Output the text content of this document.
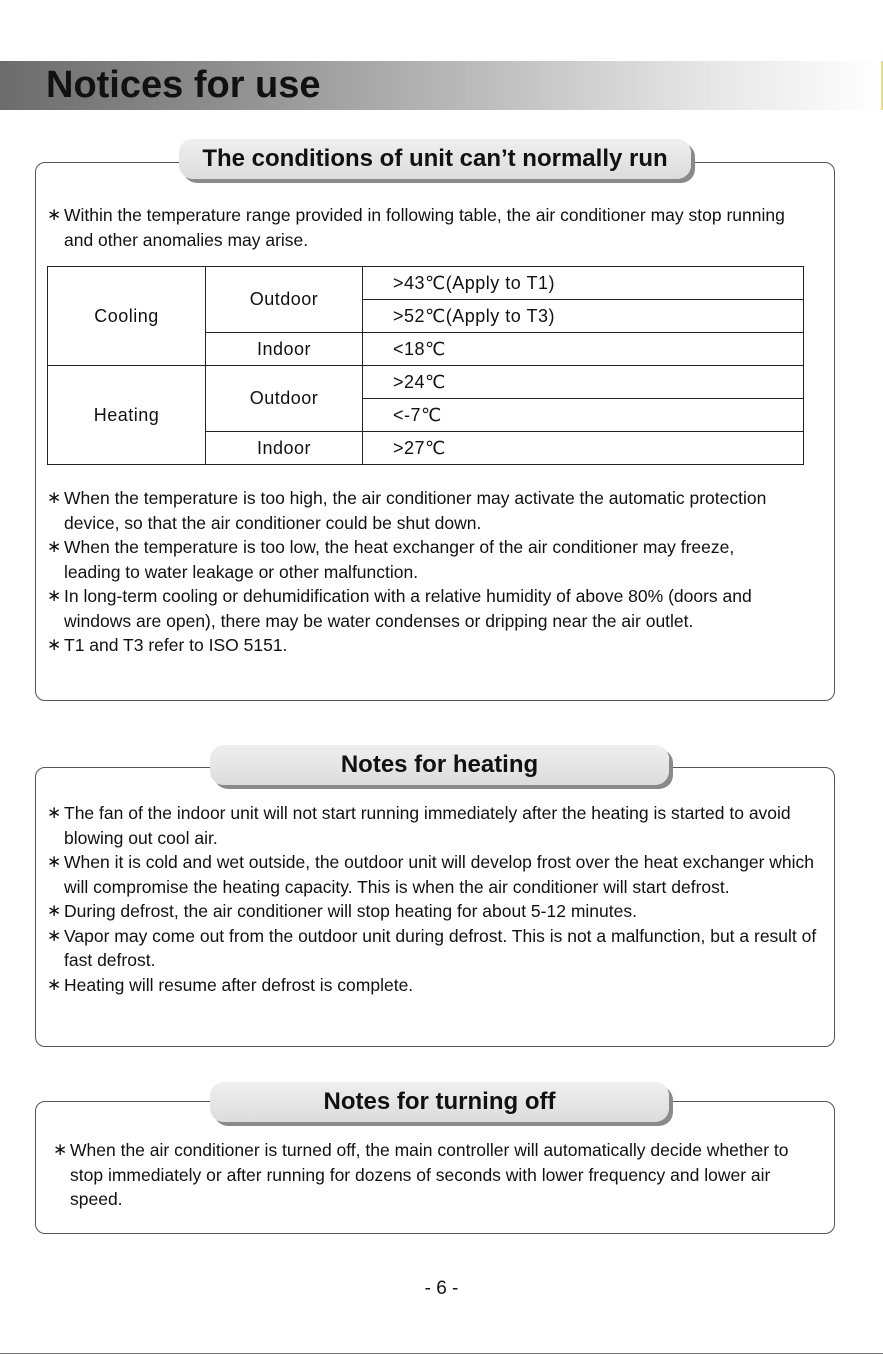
Notices for use
The conditions of unit can’t normally run
∗ Within the temperature range provided in following table, the air conditioner may stop running and other anomalies may arise.
Cooling	Outdoor	>43℃(Apply to T1)
		>52℃(Apply to T3)
	Indoor	<18℃
Heating	Outdoor	>24℃
		<-7℃
	Indoor	>27℃
∗ When the temperature is too high, the air conditioner may activate the automatic protection device, so that the air conditioner could be shut down.
∗ When the temperature is too low, the heat exchanger of the air conditioner may freeze, leading to water leakage or other malfunction.
∗ In long-term cooling or dehumidification with a relative humidity of above 80% (doors and windows are open), there may be water condenses or dripping near the air outlet.
∗ T1 and T3 refer to ISO 5151.
Notes for heating
∗ The fan of the indoor unit will not start running immediately after the heating is started to avoid blowing out cool air.
∗ When it is cold and wet outside, the outdoor unit will develop frost over the heat exchanger which will compromise the heating capacity. This is when the air conditioner will start defrost.
∗ During defrost, the air conditioner will stop heating for about 5-12 minutes.
∗ Vapor may come out from the outdoor unit during defrost. This is not a malfunction, but a result of fast defrost.
∗ Heating will resume after defrost is complete.
Notes for turning off
∗ When the air conditioner is turned off, the main controller will automatically decide whether to stop immediately or after running for dozens of seconds with lower frequency and lower air speed.
- 6 -
